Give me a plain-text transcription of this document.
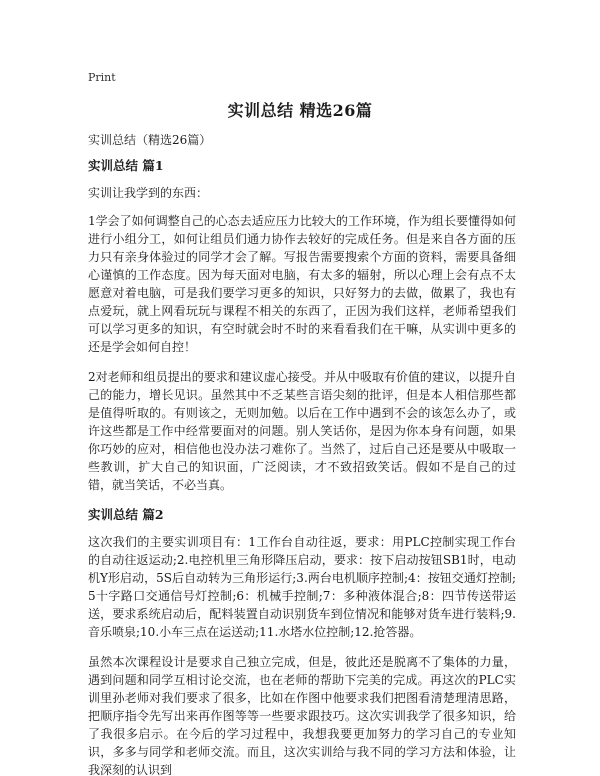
Print
实训总结 精选26篇
实训总结（精选26篇）
实训总结 篇1

实训让我学到的东西：

1学会了如何调整自己的心态去适应压力比较大的工作环境，作为组长要懂得如何进行小组分工，如何让组员们通力协作去较好的完成任务。但是来自各方面的压力只有亲身体验过的同学才会了解。写报告需要搜索个方面的资料，需要具备细心谨慎的工作态度。因为每天面对电脑，有太多的辐射，所以心理上会有点不太愿意对着电脑，可是我们要学习更多的知识，只好努力的去做，做累了，我也有点爱玩，就上网看玩玩与课程不相关的东西了，正因为我们这样，老师希望我们可以学习更多的知识，有空时就会时不时的来看看我们在干嘛，从实训中更多的还是学会如何自控！

2对老师和组员提出的要求和建议虚心接受。并从中吸取有价值的建议，以提升自己的能力，增长见识。虽然其中不乏某些言语尖刻的批评，但是本人相信那些都是值得听取的。有则该之，无则加勉。以后在工作中遇到不会的该怎么办了，或许这些都是工作中经常要面对的问题。别人笑话你，是因为你本身有问题，如果你巧妙的应对，相信他也没办法刁难你了。当然了，过后自己还是要从中吸取一些教训，扩大自己的知识面，广泛阅读，才不致招致笑话。假如不是自己的过错，就当笑话，不必当真。

实训总结 篇2

这次我们的主要实训项目有：1工作台自动往返，要求：用PLC控制实现工作台的自动往返运动;2.电控机里三角形降压启动，要求：按下启动按钮SB1时，电动机Y形启动，5S后自动转为三角形运行;3.两台电机顺序控制;4：按钮交通灯控制;5十字路口交通信号灯控制;6：机械手控制;7：多种液体混合;8：四节传送带运送，要求系统启动后，配料装置自动识别货车到位情况和能够对货车进行装料;9.音乐喷泉;10.小车三点在运送动;11.水塔水位控制;12.抢答器。

虽然本次课程设计是要求自己独立完成，但是，彼此还是脱离不了集体的力量，遇到问题和同学互相讨论交流，也在老师的帮助下完美的完成。再这次的PLC实训里孙老师对我们要求了很多，比如在作图中他要求我们把图看清楚理清思路，把顺序指令先写出来再作图等等一些要求跟技巧。这次实训我学了很多知识，给了我很多启示。在今后的学习过程中，我想我要更加努力的学习自己的专业知识，多多与同学和老师交流。而且，这次实训给与我不同的学习方法和体验，让我深刻的认识到
